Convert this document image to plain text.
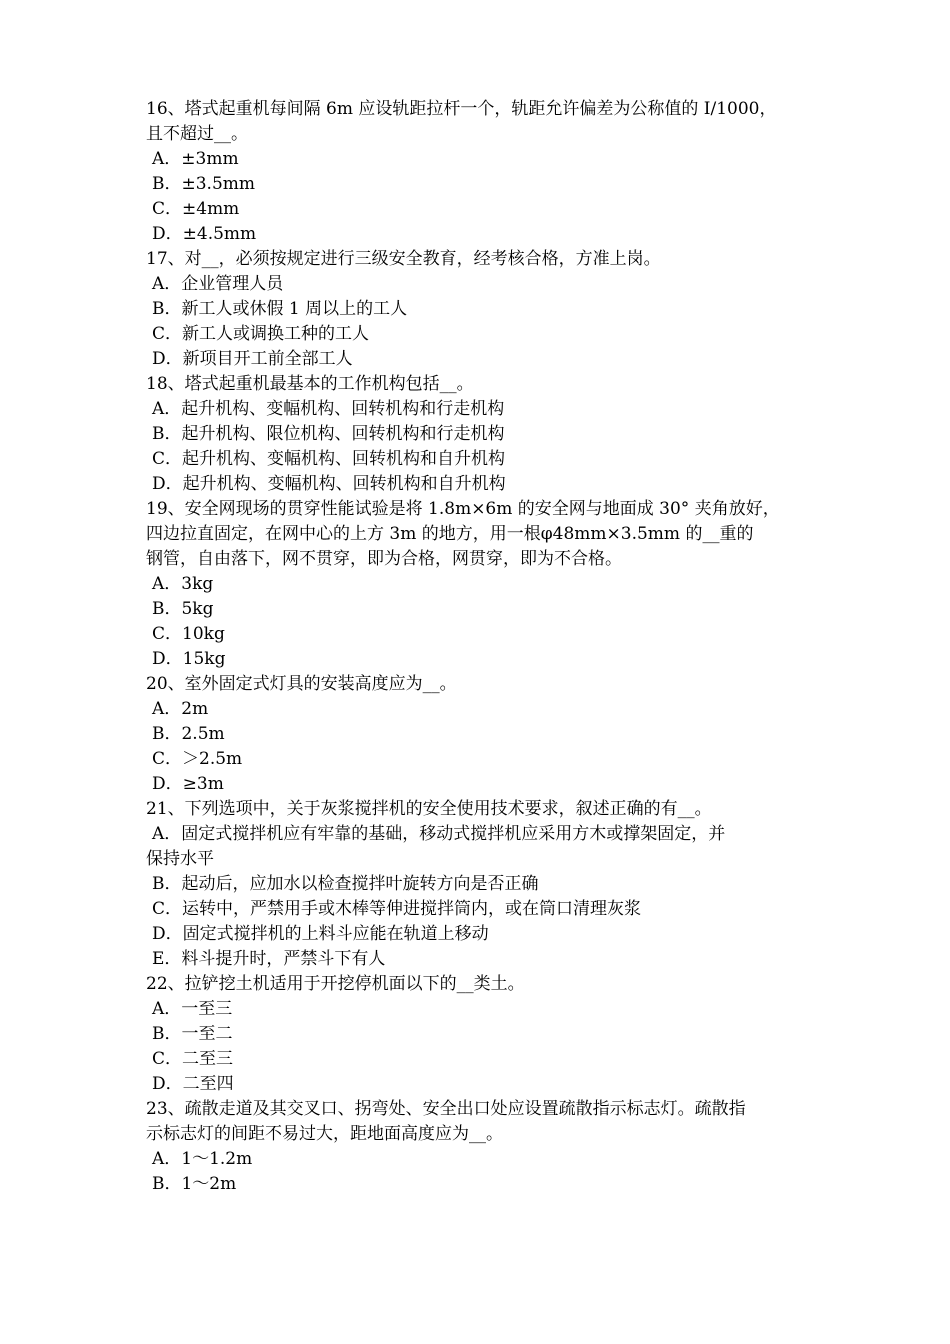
16、塔式起重机每间隔 6m 应设轨距拉杆一个，轨距允许偏差为公称值的 I/1000，
且不超过__。
A．±3mm
B．±3.5mm
C．±4mm
D．±4.5mm
17、对__，必须按规定进行三级安全教育，经考核合格，方准上岗。
A．企业管理人员
B．新工人或休假 1 周以上的工人
C．新工人或调换工种的工人
D．新项目开工前全部工人
18、塔式起重机最基本的工作机构包括__。
A．起升机构、变幅机构、回转机构和行走机构
B．起升机构、限位机构、回转机构和行走机构
C．起升机构、变幅机构、回转机构和自升机构
D．起升机构、变幅机构、回转机构和自升机构
19、安全网现场的贯穿性能试验是将 1.8m×6m 的安全网与地面成 30° 夹角放好，
四边拉直固定，在网中心的上方 3m 的地方，用一根φ48mm×3.5mm 的__重的
钢管，自由落下，网不贯穿，即为合格，网贯穿，即为不合格。
A．3kg
B．5kg
C．10kg
D．15kg
20、室外固定式灯具的安装高度应为__。
A．2m
B．2.5m
C．＞2.5m
D．≥3m
21、下列选项中，关于灰浆搅拌机的安全使用技术要求，叙述正确的有__。
A．固定式搅拌机应有牢靠的基础，移动式搅拌机应采用方木或撑架固定，并
保持水平
B．起动后，应加水以检查搅拌叶旋转方向是否正确
C．运转中，严禁用手或木棒等伸进搅拌筒内，或在筒口清理灰浆
D．固定式搅拌机的上料斗应能在轨道上移动
E．料斗提升时，严禁斗下有人
22、拉铲挖土机适用于开挖停机面以下的__类土。
A．一至三
B．一至二
C．二至三
D．二至四
23、疏散走道及其交叉口、拐弯处、安全出口处应设置疏散指示标志灯。疏散指
示标志灯的间距不易过大，距地面高度应为__。
A．1～1.2m
B．1～2m
